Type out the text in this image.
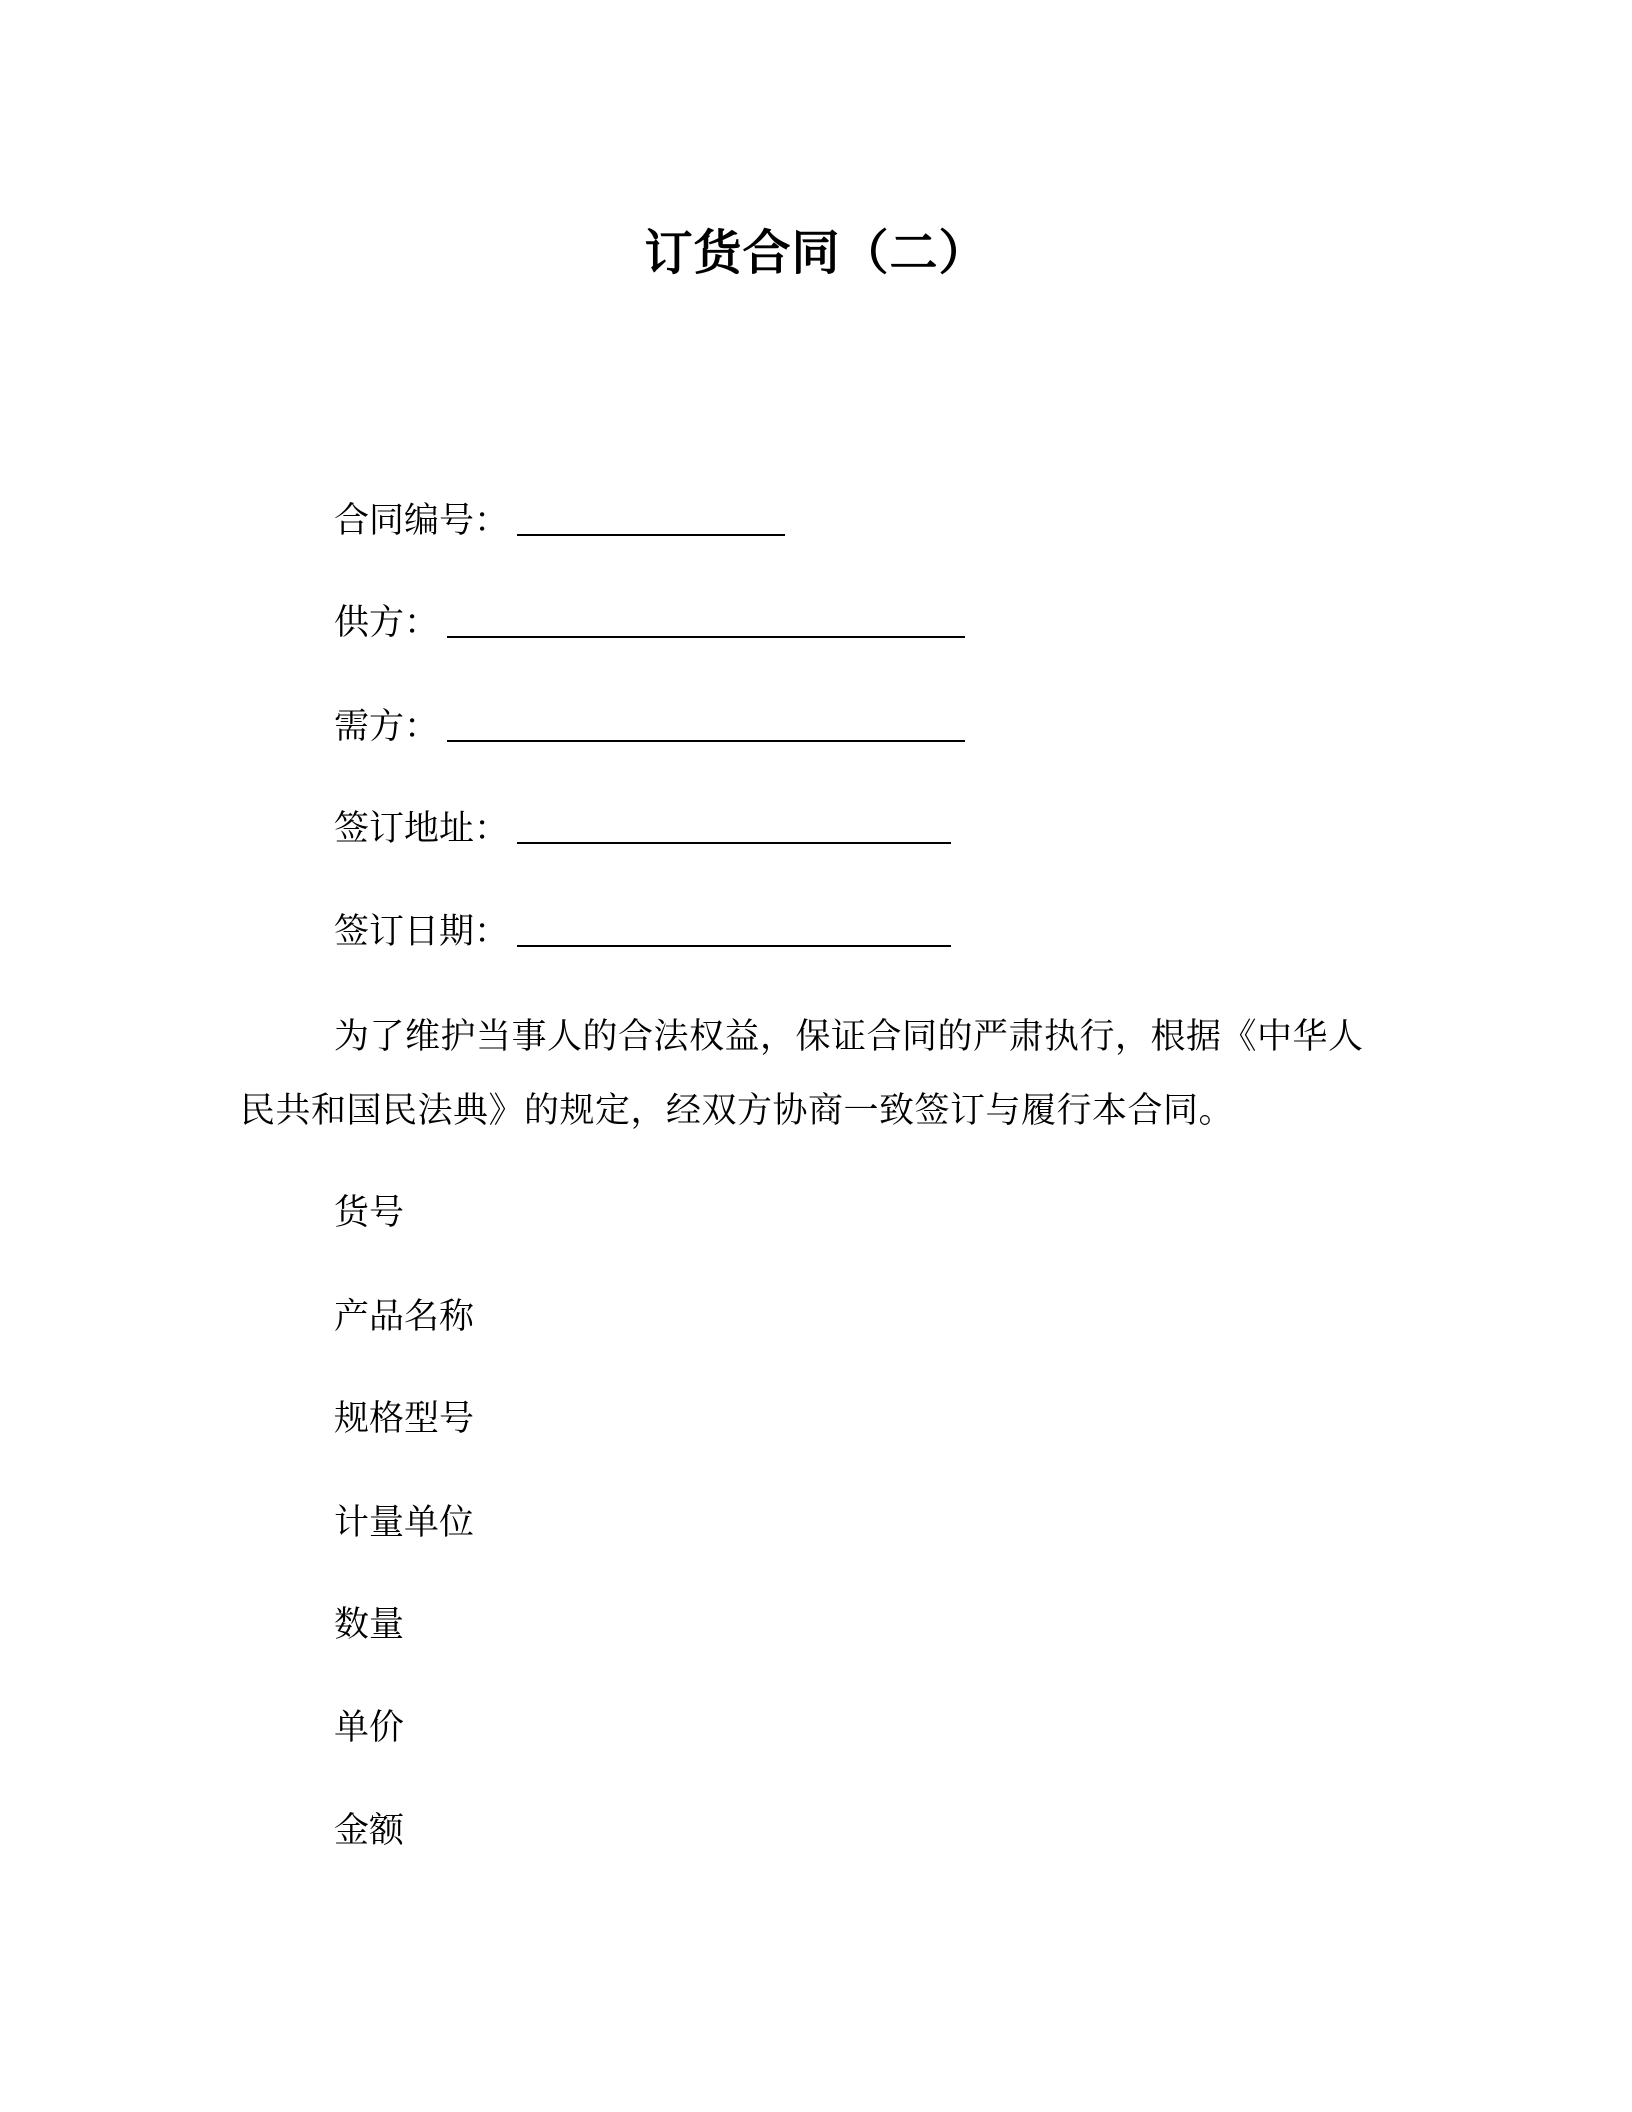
订货合同（二）
合同编号：
供方：
需方：
签订地址：
签订日期：
为了维护当事人的合法权益，保证合同的严肃执行，根据《中华人民共和国民法典》的规定，经双方协商一致签订与履行本合同。
货号
产品名称
规格型号
计量单位
数量
单价
金额
